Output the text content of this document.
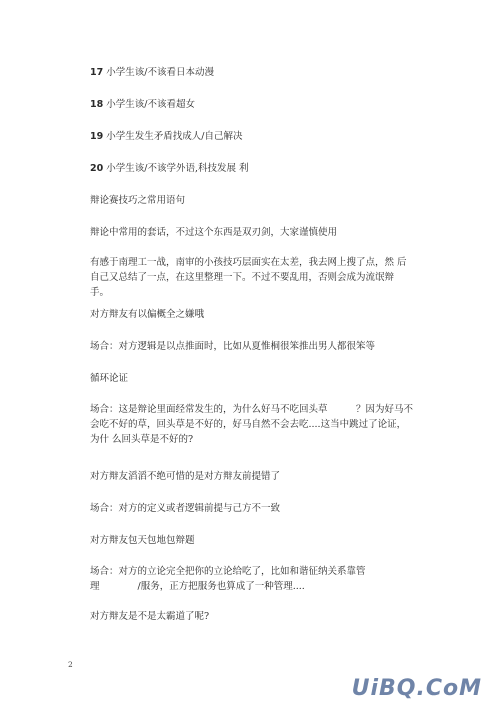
17 小学生该/不该看日本动漫

18 小学生该/不该看超女

19 小学生发生矛盾找成人/自己解决

20 小学生该/不该学外语,科技发展 利

辩论赛技巧之常用语句

辩论中常用的套话，不过这个东西是双刃剑，大家谨慎使用

有感于南理工一战，南审的小孩技巧层面实在太差，我去网上搜了点，然 后自己又总结了一点，在这里整理一下。不过不要乱用，否则会成为流氓辩 手。

对方辩友有以偏概全之嫌哦

场合：对方逻辑是以点推面时，比如从夏惟桐很笨推出男人都很笨等

循环论证

场合：这是辩论里面经常发生的，为什么好马不吃回头草　　　？因为好马不会吃不好的草，回头草是不好的，好马自然不会去吃....这当中跳过了论证，为什 么回头草是不好的?

对方辩友滔滔不绝可惜的是对方辩友前提错了

场合：对方的定义或者逻辑前提与己方不一致

对方辩友包天包地包辩题

场合：对方的立论完全把你的立论给吃了，比如和谐征纳关系靠管理　　　　/服务，正方把服务也算成了一种管理....

对方辩友是不是太霸道了呢?

2
UiBQ.CoM
